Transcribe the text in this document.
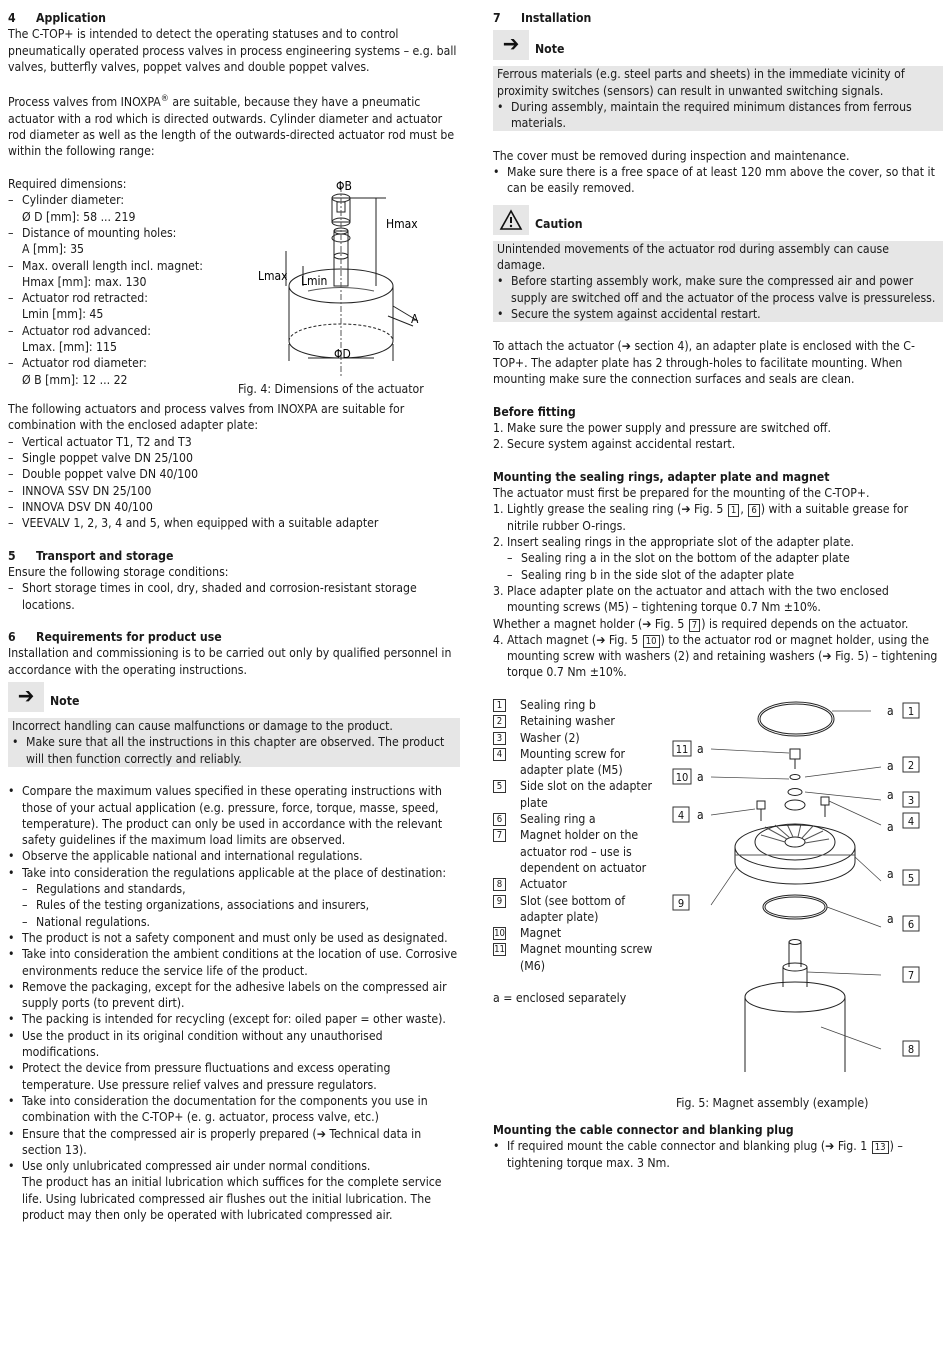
4 Application

The C-TOP+ is intended to detect the operating statuses and to control pneumatically operated process valves in process engineering systems – e.g. ball valves, butterfly valves, poppet valves and double poppet valves.

Process valves from INOXPA® are suitable, because they have a pneumatic actuator with a rod which is directed outwards. Cylinder diameter and actuator rod diameter as well as the length of the outwards-directed actuator rod must be within the following range:

Required dimensions:

– Cylinder diameter:
Ø D [mm]: 58 ... 219
– Distance of mounting holes:
A [mm]: 35
– Max. overall length incl. magnet:
Hmax [mm]: max. 130
– Actuator rod retracted:
Lmin [mm]: 45
– Actuator rod advanced:
Lmax. [mm]: 115
– Actuator rod diameter:
Ø B [mm]: 12 ... 22
ΦB
Hmax
Lmax Lmin
A
ΦD
Fig. 4: Dimensions of the actuator

The following actuators and process valves from INOXPA are suitable for combination with the enclosed adapter plate:

– Vertical actuator T1, T2 and T3
– Single poppet valve DN 25/100
– Double poppet valve DN 40/100
– INNOVA SSV DN 25/100
– INNOVA DSV DN 40/100
– VEEVALV 1, 2, 3, 4 and 5, when equipped with a suitable adapter
5 Transport and storage

Ensure the following storage conditions:

– Short storage times in cool, dry, shaded and corrosion-resistant storage locations.
6 Requirements for product use

Installation and commissioning is to be carried out only by qualified personnel in accordance with the operating instructions.

➔	Note

Incorrect handling can cause malfunctions or damage to the product.

• Make sure that all the instructions in this chapter are observed. The product will then function correctly and reliably.
• Compare the maximum values specified in these operating instructions with those of your actual application (e.g. pressure, force, torque, masse, speed, temperature). The product can only be used in accordance with the relevant safety guidelines if the maximum load limits are observed.
• Observe the applicable national and international regulations.
• Take into consideration the regulations applicable at the place of destination:
– Regulations and standards,
– Rules of the testing organizations, associations and insurers,
– National regulations.
• The product is not a safety component and must only be used as designated.
• Take into consideration the ambient conditions at the location of use. Corrosive environments reduce the service life of the product.
• Remove the packaging, except for the adhesive labels on the compressed air supply ports (to prevent dirt).
• The packing is intended for recycling (except for: oiled paper = other waste).
• Use the product in its original condition without any unauthorised modifications.
• Protect the device from pressure fluctuations and excess operating temperature. Use pressure relief valves and pressure regulators.
• Take into consideration the documentation for the components you use in combination with the C-TOP+ (e. g. actuator, process valve, etc.)
• Ensure that the compressed air is properly prepared (➔ Technical data in section 13).
• Use only unlubricated compressed air under normal conditions.
The product has an initial lubrication which suffices for the complete service life. Using lubricated compressed air flushes out the initial lubrication. The product may then only be operated with lubricated compressed air.
7 Installation
➔	Note

Ferrous materials (e.g. steel parts and sheets) in the immediate vicinity of proximity switches (sensors) can result in unwanted switching signals.

• During assembly, maintain the required minimum distances from ferrous materials.

The cover must be removed during inspection and maintenance.

• Make sure there is a free space of at least 120 mm above the cover, so that it can be easily removed.
Caution

Unintended movements of the actuator rod during assembly can cause damage.

• Before starting assembly work, make sure the compressed air and power supply are switched off and the actuator of the process valve is pressureless.
• Secure the system against accidental restart.

To attach the actuator (➔ section 4), an adapter plate is enclosed with the C-TOP+. The adapter plate has 2 through-holes to facilitate mounting. When mounting make sure the connection surfaces and seals are clean.

Before fitting
1. Make sure the power supply and pressure are switched off.
2. Secure system against accidental restart.
Mounting the sealing rings, adapter plate and magnet

The actuator must first be prepared for the mounting of the C-TOP+.

1. Lightly grease the sealing ring (➔ Fig. 5 1 , 6 ) with a suitable grease for nitrile rubber O-rings.
2. Insert sealing rings in the appropriate slot of the adapter plate.
– Sealing ring a in the slot on the bottom of the adapter plate
– Sealing ring b in the side slot of the adapter plate
3. Place adapter plate on the actuator and attach with the two enclosed mounting screws (M5) – tightening torque 0.7 Nm ±10%.

Whether a magnet holder (➔ Fig. 5 7 ) is required depends on the actuator.

4. Attach magnet (➔ Fig. 5 10 ) to the actuator rod or magnet holder, using the mounting screw with washers (2) and retaining washers (➔ Fig. 5) – tightening torque 0.7 Nm ±10%.
1	Sealing ring b
2	Retaining washer
3	Washer (2)
4	Mounting screw for adapter plate (M5)
5	Side slot on the adapter plate
6	Sealing ring a
7	Magnet holder on the actuator rod – use is dependent on actuator
8	Actuator
9	Slot (see bottom of adapter plate)
10	Magnet
11	Magnet mounting screw (M6)

a = enclosed separately

a
a
a
a
a
a
a
a
a
1
2
3
4
5
6
7
8
9
10
11
4
Fig. 5: Magnet assembly (example)
Mounting the cable connector and blanking plug
• If required mount the cable connector and blanking plug (➔ Fig. 1 13 ) – tightening torque max. 3 Nm.
